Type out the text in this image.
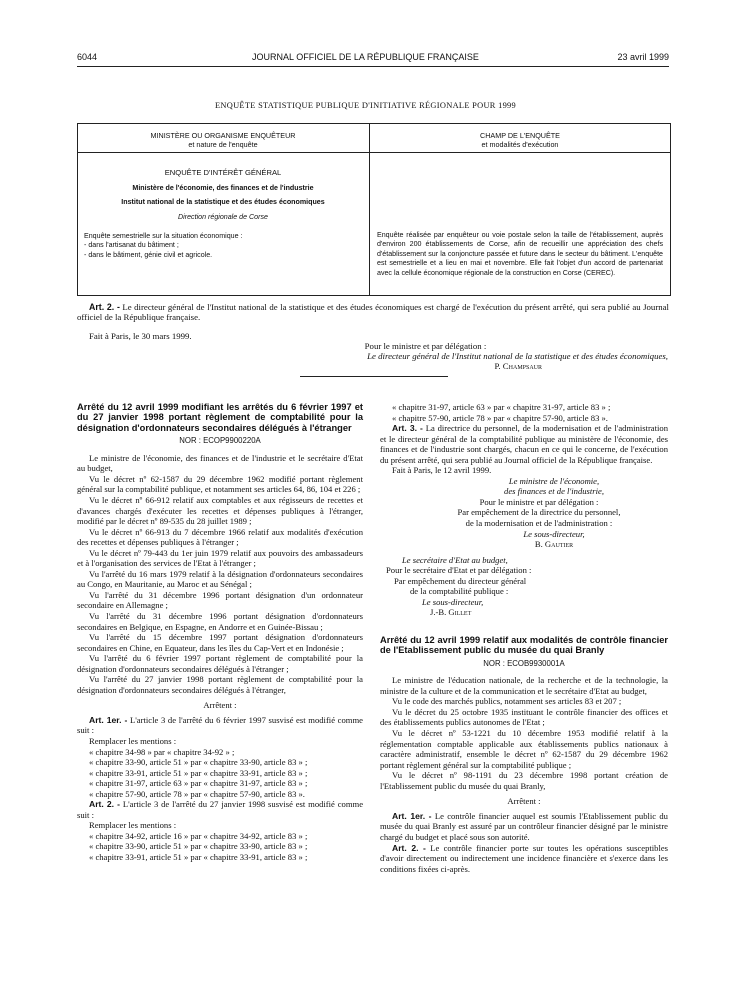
6044	JOURNAL OFFICIEL DE LA RÉPUBLIQUE FRANÇAISE	23 avril 1999
ENQUÊTE STATISTIQUE PUBLIQUE D'INITIATIVE RÉGIONALE POUR 1999
MINISTÈRE OU ORGANISME ENQUÊTEUR
et nature de l'enquête
CHAMP DE L'ENQUÊTE
et modalités d'exécution
ENQUÊTE D'INTÉRÊT GÉNÉRAL
Ministère de l'économie, des finances et de l'industrie
Institut national de la statistique et des études économiques
Direction régionale de Corse
Enquête semestrielle sur la situation économique :
- dans l'artisanat du bâtiment ;
- dans le bâtiment, génie civil et agricole.
Enquête réalisée par enquêteur ou voie postale selon la taille de l'établissement, auprès d'environ 200 établissements de Corse, afin de recueillir une appréciation des chefs d'établissement sur la conjoncture passée et future dans le secteur du bâtiment. L'enquête est semestrielle et a lieu en mai et novembre. Elle fait l'objet d'un accord de partenariat avec la cellule économique régionale de la construction en Corse (CEREC).
Art. 2. - Le directeur général de l'Institut national de la statistique et des études économiques est chargé de l'exécution du présent arrêté, qui sera publié au Journal officiel de la République française.
Fait à Paris, le 30 mars 1999.
Pour le ministre et par délégation :
Le directeur général de l'Institut national de la statistique et des études économiques,
P. Champsaur
Arrêté du 12 avril 1999 modifiant les arrêtés du 6 février 1997 et du 27 janvier 1998 portant règlement de comptabilité pour la désignation d'ordonnateurs secondaires délégués à l'étranger
NOR : ECOP9900220A

Le ministre de l'économie, des finances et de l'industrie et le secrétaire d'Etat au budget,

Vu le décret nº 62-1587 du 29 décembre 1962 modifié portant règlement général sur la comptabilité publique, et notamment ses articles 64, 86, 104 et 226 ;

Vu le décret nº 66-912 relatif aux comptables et aux régisseurs de recettes et d'avances chargés d'exécuter les recettes et dépenses publiques à l'étranger, modifié par le décret nº 89-535 du 28 juillet 1989 ;

Vu le décret nº 66-913 du 7 décembre 1966 relatif aux modalités d'exécution des recettes et dépenses publiques à l'étranger ;

Vu le décret nº 79-443 du 1er juin 1979 relatif aux pouvoirs des ambassadeurs et à l'organisation des services de l'Etat à l'étranger ;

Vu l'arrêté du 16 mars 1979 relatif à la désignation d'ordonnateurs secondaires au Congo, en Mauritanie, au Maroc et au Sénégal ;

Vu l'arrêté du 31 décembre 1996 portant désignation d'un ordonnateur secondaire en Allemagne ;

Vu l'arrêté du 31 décembre 1996 portant désignation d'ordonnateurs secondaires en Belgique, en Espagne, en Andorre et en Guinée-Bissau ;

Vu l'arrêté du 15 décembre 1997 portant désignation d'ordonnateurs secondaires en Chine, en Equateur, dans les îles du Cap-Vert et en Indonésie ;

Vu l'arrêté du 6 février 1997 portant règlement de comptabilité pour la désignation d'ordonnateurs secondaires délégués à l'étranger ;

Vu l'arrêté du 27 janvier 1998 portant règlement de comptabilité pour la désignation d'ordonnateurs secondaires délégués à l'étranger,

Arrêtent :

Art. 1er. - L'article 3 de l'arrêté du 6 février 1997 susvisé est modifié comme suit :

Remplacer les mentions :

« chapitre 34-98 » par « chapitre 34-92 » ;

« chapitre 33-90, article 51 » par « chapitre 33-90, article 83 » ;

« chapitre 33-91, article 51 » par « chapitre 33-91, article 83 » ;

« chapitre 31-97, article 63 » par « chapitre 31-97, article 83 » ;

« chapitre 57-90, article 78 » par « chapitre 57-90, article 83 ».

Art. 2. - L'article 3 de l'arrêté du 27 janvier 1998 susvisé est modifié comme suit :

Remplacer les mentions :

« chapitre 34-92, article 16 » par « chapitre 34-92, article 83 » ;

« chapitre 33-90, article 51 » par « chapitre 33-90, article 83 » ;

« chapitre 33-91, article 51 » par « chapitre 33-91, article 83 » ;

« chapitre 31-97, article 63 » par « chapitre 31-97, article 83 » ;

« chapitre 57-90, article 78 » par « chapitre 57-90, article 83 ».

Art. 3. - La directrice du personnel, de la modernisation et de l'administration et le directeur général de la comptabilité publique au ministère de l'économie, des finances et de l'industrie sont chargés, chacun en ce qui le concerne, de l'exécution du présent arrêté, qui sera publié au Journal officiel de la République française.

Fait à Paris, le 12 avril 1999.

Le ministre de l'économie,

des finances et de l'industrie,

Pour le ministre et par délégation :

Par empêchement de la directrice du personnel,

de la modernisation et de l'administration :

Le sous-directeur,

B. Gautier

Le secrétaire d'Etat au budget,

Pour le secrétaire d'Etat et par délégation :

Par empêchement du directeur général

de la comptabilité publique :

Le sous-directeur,

J.-B. Gillet

Arrêté du 12 avril 1999 relatif aux modalités de contrôle financier de l'Etablissement public du musée du quai Branly
NOR : ECOB9930001A

Le ministre de l'éducation nationale, de la recherche et de la technologie, la ministre de la culture et de la communication et le secrétaire d'Etat au budget,

Vu le code des marchés publics, notamment ses articles 83 et 207 ;

Vu le décret du 25 octobre 1935 instituant le contrôle financier des offices et des établissements publics autonomes de l'Etat ;

Vu le décret nº 53-1221 du 10 décembre 1953 modifié relatif à la réglementation comptable applicable aux établissements publics nationaux à caractère administratif, ensemble le décret nº 62-1587 du 29 décembre 1962 portant règlement général sur la comptabilité publique ;

Vu le décret nº 98-1191 du 23 décembre 1998 portant création de l'Etablissement public du musée du quai Branly,

Arrêtent :

Art. 1er. - Le contrôle financier auquel est soumis l'Etablissement public du musée du quai Branly est assuré par un contrôleur financier désigné par le ministre chargé du budget et placé sous son autorité.

Art. 2. - Le contrôle financier porte sur toutes les opérations susceptibles d'avoir directement ou indirectement une incidence financière et s'exerce dans les conditions fixées ci-après.
